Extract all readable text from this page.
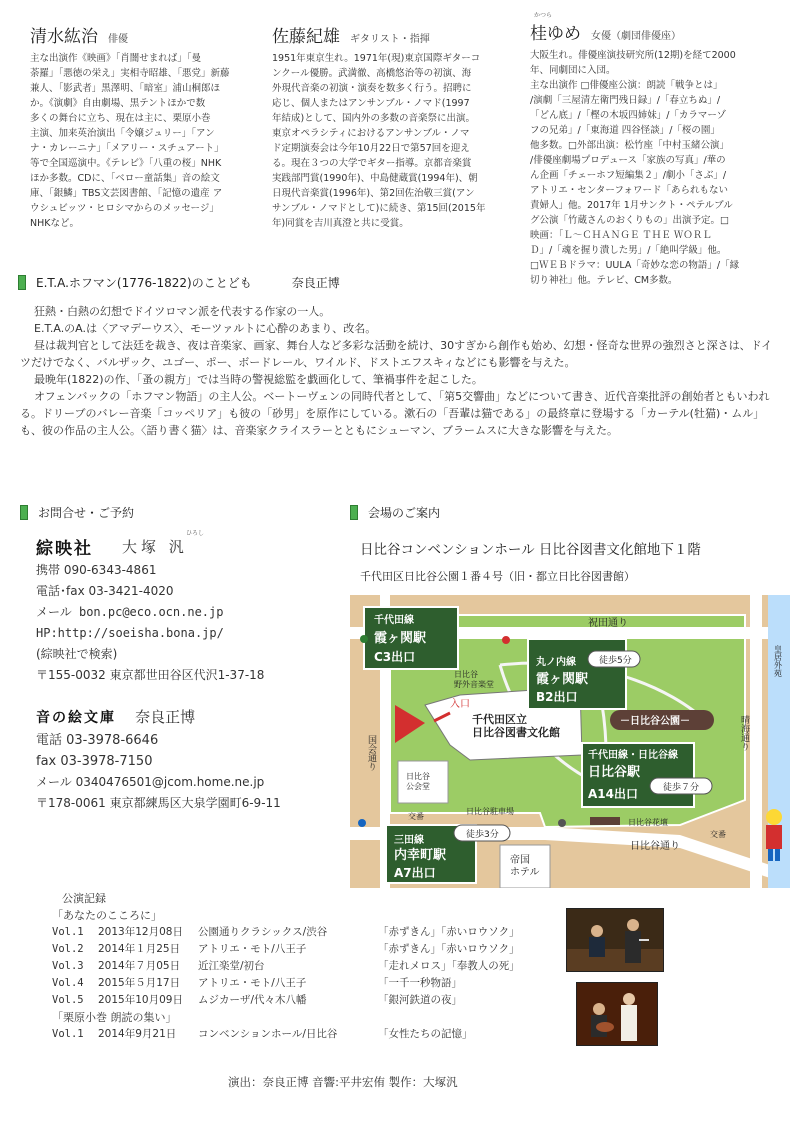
清水紘治 俳優
主な出演作《映画》「肖闇せまれば」「曼
荼羅」「悪徳の栄え」実相寺昭雄、「悪党」新藤
兼人、「影武者」黒澤明、「暗室」浦山桐郎ほ
か。《演劇》自由劇場、黒テントほかで数
多くの舞台に立ち、現在は主に、栗原小巻
主演、加来英治演出「令嬢ジュリー」「アン
ナ・カレーニナ」「メアリー・スチュアート」
等で全国巡演中。《テレビ》「八重の桜」NHK
ほか多数。CDに、「ベロー童話集」音の絵文
庫、「銀鱗」TBS文芸図書館、「記憶の遺産 ア
ウシュビッツ・ヒロシマからのメッセージ」
NHKなど。
佐藤紀雄 ギタリスト・指揮
1951年東京生れ。1971年(現)東京国際ギターコ
ンクール優勝。武満徹、高橋悠治等の初演、海
外現代音楽の初演・演奏を数多く行う。招聘に
応じ、個人またはアンサンブル・ノマド(1997
年結成)として、国内外の多数の音楽祭に出演。
東京オペラシティにおけるアンサンブル・ノマ
ド定期演奏会は今年10月22日で第57回を迎え
る。現在３つの大学でギター指導。京都音楽賞
実践部門賞(1990年)、中島健蔵賞(1994年)、朝
日現代音楽賞(1996年)、第2回佐治敬三賞(アン
サンブル・ノマドとして)に続き、第15回(2015年
年)同賞を吉川真澄と共に受賞。
かつら
桂ゆめ 女優（劇団俳優座）
大阪生れ。俳優座演技研究所(12期)を経て2000
年、同劇団に入団。
主な出演作 □俳優座公演：朗読「戦争とは」
/演劇「三屋清左衛門残日録」/「春立ちぬ」/
「どん底」/「樫の木坂四姉妹」/「カラマーゾ
フの兄弟」/「東海道 四谷怪談」/「桜の園」
他多数。□外部出演：松竹座「中村玉緒公演」
/俳優座劇場プロデュース「家族の写真」/華の
ん企画「チェーホフ短編集２」/劇小「さぶ」/
アトリエ・センターフォワード「あられもない
責婦人」他。2017年 1月サンクト・ペテルブル
グ公演「竹蔵さんのおくりもの」出演予定。□
映画：「Ｌ～ＣＨＡＮＧＥ ＴＨＥ ＷＯＲＬ
Ｄ」/「魂を握り潰した男」/「絶叫学級」他。
□ＷＥＢドラマ：UULA「奇妙な恋の物語」/「縁
切り神社」他。テレビ、CM多数。
E.T.A.ホフマン(1776-1822)のことども	奈良正博

狂熱・白熱の幻想でドイツロマン派を代表する作家の一人。

E.T.A.のA.は〈アマデーウス〉、モーツァルトに心酔のあまり、改名。

昼は裁判官として法廷を裁き、夜は音楽家、画家、舞台人など多彩な活動を続け、30すぎから創作も始め、幻想・怪奇な世界の強烈さと深さは、ドイツだけでなく、バルザック、ユゴー、ポー、ボードレール、ワイルド、ドストエフスキィなどにも影響を与えた。

最晩年(1822)の作、「蚤の親方」では当時の警視総監を戯画化して、筆禍事件を起こした。

オフェンバックの「ホフマン物語」の主人公。ベートーヴェンの同時代者として、「第5交響曲」などについて書き、近代音楽批評の創始者ともいわれる。ドリーブのバレー音楽「コッペリア」も彼の「砂男」を原作にしている。漱石の「吾輩は猫である」の最終章に登場する「カーテル(牡猫)・ムル」も、彼の作品の主人公。〈語り書く猫〉は、音楽家クライスラーとともにシューマン、ブラームスに大きな影響を与えた。

お問合せ・ご予約
綜映社
ひろし
大塚 汎
携帯 090-6343-4861
電話･fax 03-3421-4020
メール bon.pc@eco.ocn.ne.jp
HP:http://soeisha.bona.jp/
(綜映社で検索)
〒155-0032 東京都世田谷区代沢1-37-18
音の絵文庫 奈良正博
電話 03-3978-6646
fax 03-3978-7150
メール 0340476501@jcom.home.ne.jp
〒178-0061 東京都練馬区大泉学園町6-9-11
会場のご案内
日比谷コンベンションホール 日比谷図書文化館地下１階
千代田区日比谷公園１番４号（旧・都立日比谷図書館）
千代田線
霞ヶ関駅
C3出口	丸ノ内線
霞ヶ関駅
B2出口
千代田線・日比谷線
日比谷駅
A14出口
三田線
内幸町駅
A7出口
徒歩5分
徒歩７分
徒歩3分
祝田通り
国会通り
晴海通り
日比谷通り
皇居外苑
日比谷野外音楽堂
入口
千代田区立日比谷図書文化館
日比谷公会堂
日比谷駐車場
交番
交番
日比谷花壇
帝国ホテル
－日比谷公園－
公演記録
「あなたのこころに」
Vol.1 2013年12月08日 公園通りクラシックス/渋谷	「赤ずきん」「赤いロウソク」
Vol.2 2014年１月25日 アトリエ・モト/八王子	「赤ずきん」「赤いロウソク」
Vol.3 2014年７月05日 近江楽堂/初台	「走れメロス」「奉教人の死」
Vol.4 2015年５月17日 アトリエ・モト/八王子	「一千一秒物語」
Vol.5 2015年10月09日 ムジカーザ/代々木八幡	「銀河鉄道の夜」
「栗原小巻 朗読の集い」
Vol.1 2014年9月21日 コンベンションホール/日比谷	「女性たちの記憶」
演出：奈良正博 音響:平井宏侑 製作：大塚汎
